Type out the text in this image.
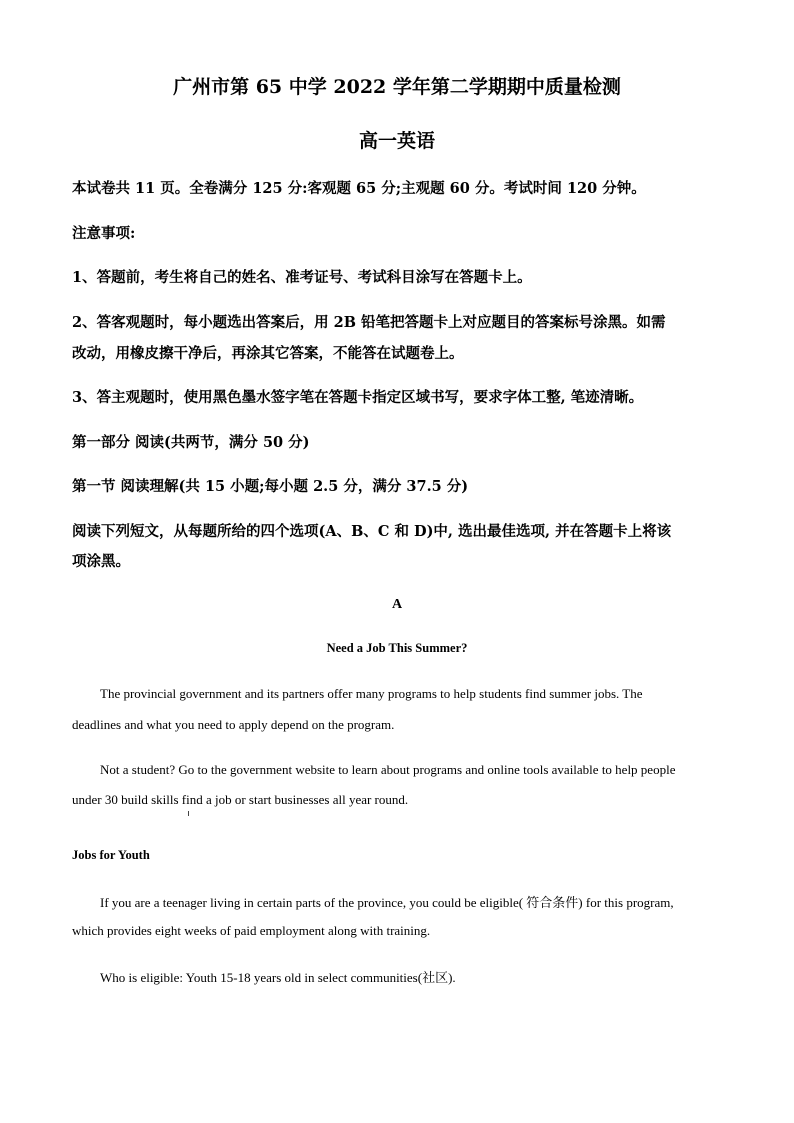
广州市第 65 中学 2022 学年第二学期期中质量检测
高一英语
本试卷共 11 页。全卷满分 125 分:客观题 65 分;主观题 60 分。考试时间 120 分钟。
注意事项:
1、答题前，考生将自己的姓名、准考证号、考试科目涂写在答题卡上。
2、答客观题时，每小题选出答案后，用 2B 铅笔把答题卡上对应题目的答案标号涂黑。如需
改动，用橡皮擦干净后，再涂其它答案，不能答在试题卷上。
3、答主观题时，使用黑色墨水签字笔在答题卡指定区域书写，要求字体工整, 笔迹清晰。
第一部分 阅读(共两节，满分 50 分)
第一节 阅读理解(共 15 小题;每小题 2.5 分，满分 37.5 分)
阅读下列短文，从每题所给的四个选项(A、B、C 和 D)中, 选出最佳选项, 并在答题卡上将该
项涂黑。
A
Need a Job This Summer?
The provincial government and its partners offer many programs to help students find summer jobs. The
deadlines and what you need to apply depend on the program.
Not a student? Go to the government website to learn about programs and online tools available to help people
under 30 build skills find a job or start businesses all year round.
Jobs for Youth
If you are a teenager living in certain parts of the province, you could be eligible( 符合条件) for this program,
which provides eight weeks of paid employment along with training.
Who is eligible: Youth 15-18 years old in select communities(社区).
